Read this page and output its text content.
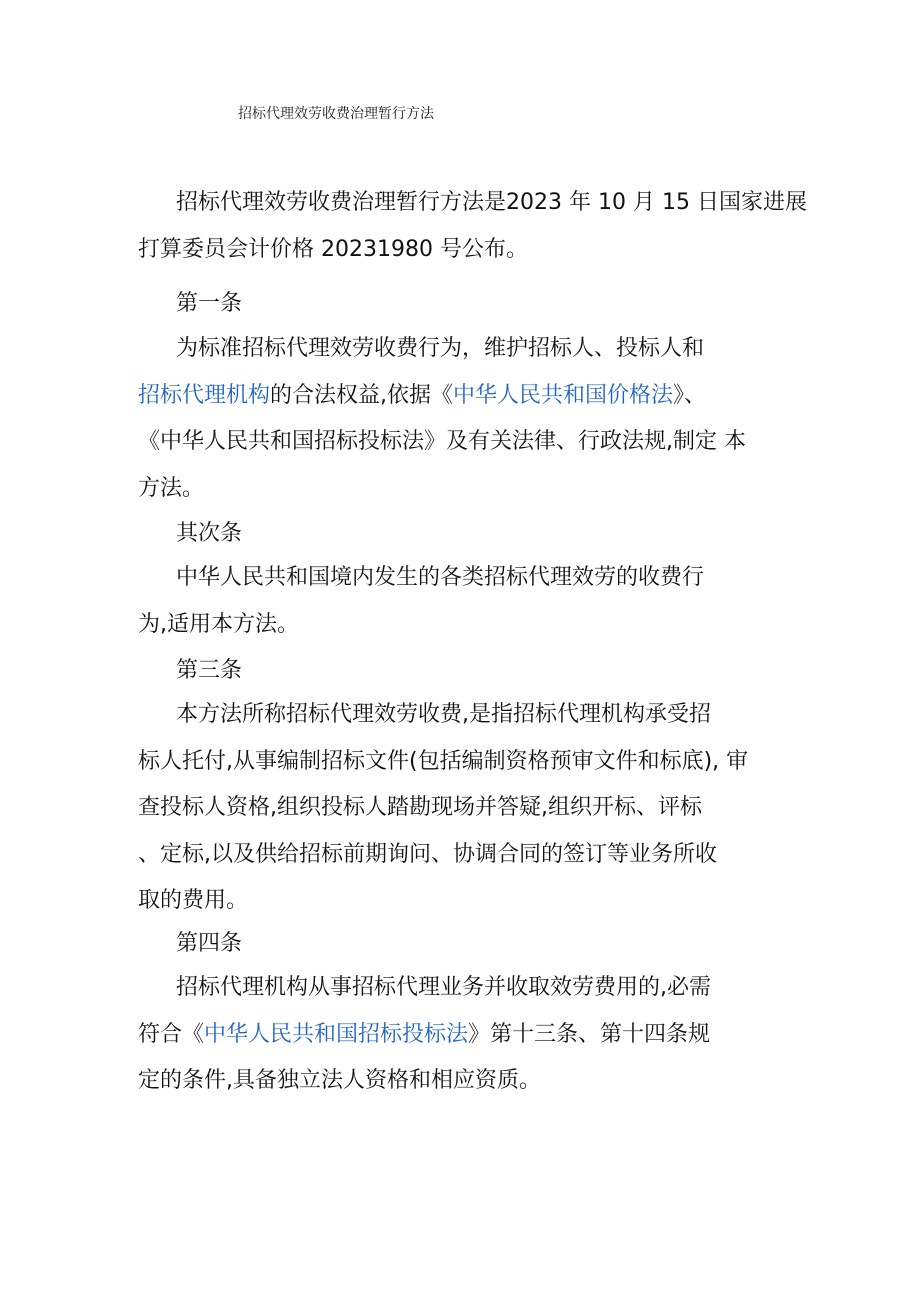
招标代理效劳收费治理暂行方法
招标代理效劳收费治理暂行方法是2023 年 10 月 15 日国家进展
打算委员会计价格 20231980 号公布。
第一条
为标准招标代理效劳收费行为，维护招标人、投标人和
招标代理机构的合法权益,依据《中华人民共和国价格法》、
《中华人民共和国招标投标法》及有关法律、行政法规,制定 本
方法。
其次条
中华人民共和国境内发生的各类招标代理效劳的收费行
为,适用本方法。
第三条
本方法所称招标代理效劳收费,是指招标代理机构承受招
标人托付,从事编制招标文件(包括编制资格预审文件和标底), 审
查投标人资格,组织投标人踏勘现场并答疑,组织开标、评标
、定标,以及供给招标前期询问、协调合同的签订等业务所收
取的费用。
第四条
招标代理机构从事招标代理业务并收取效劳费用的,必需
符合《中华人民共和国招标投标法》第十三条、第十四条规
定的条件,具备独立法人资格和相应资质。
